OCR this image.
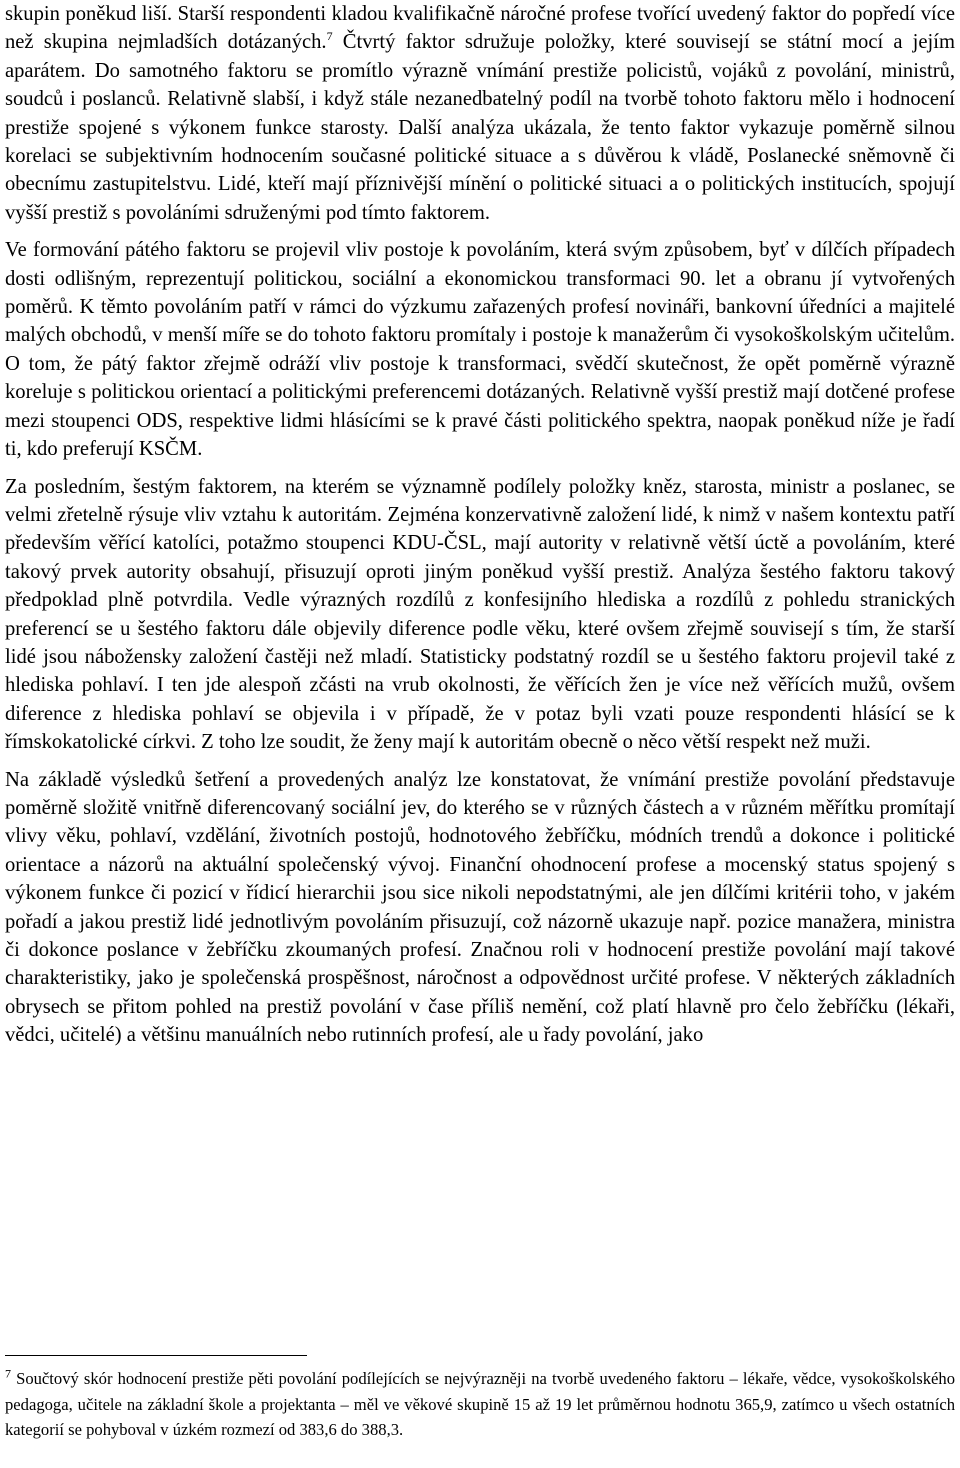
skupin poněkud liší. Starší respondenti kladou kvalifikačně náročné profese tvořící uvedený faktor do popředí více než skupina nejmladších dotázaných.$^7$ Čtvrtý faktor sdružuje položky, které souvisejí se státní mocí a jejím aparátem. Do samotného faktoru se promítlo výrazně vnímání prestiže policistů, vojáků z povolání, ministrů, soudců i poslanců. Relativně slabší, i když stále nezanedbatelný podíl na tvorbě tohoto faktoru mělo i hodnocení prestiže spojené s výkonem funkce starosty. Další analýza ukázala, že tento faktor vykazuje poměrně silnou korelaci se subjektivním hodnocením současné politické situace a s důvěrou k vládě, Poslanecké sněmovně či obecnímu zastupitelstvu. Lidé, kteří mají příznivější mínění o politické situaci a o politických institucích, spojují vyšší prestiž s povoláními sdruženými pod tímto faktorem.

Ve formování pátého faktoru se projevil vliv postoje k povoláním, která svým způsobem, byť v dílčích případech dosti odlišným, reprezentují politickou, sociální a ekonomickou transformaci 90. let a obranu jí vytvořených poměrů. K těmto povoláním patří v rámci do výzkumu zařazených profesí novináři, bankovní úředníci a majitelé malých obchodů, v menší míře se do tohoto faktoru promítaly i postoje k manažerům či vysokoškolským učitelům. O tom, že pátý faktor zřejmě odráží vliv postoje k transformaci, svědčí skutečnost, že opět poměrně výrazně koreluje s politickou orientací a politickými preferencemi dotázaných. Relativně vyšší prestiž mají dotčené profese mezi stoupenci ODS, respektive lidmi hlásícími se k pravé části politického spektra, naopak poněkud níže je řadí ti, kdo preferují KSČM.

Za posledním, šestým faktorem, na kterém se významně podílely položky kněz, starosta, ministr a poslanec, se velmi zřetelně rýsuje vliv vztahu k autoritám. Zejména konzervativně založení lidé, k nimž v našem kontextu patří především věřící katolíci, potažmo stoupenci KDU-ČSL, mají autority v relativně větší úctě a povoláním, které takový prvek autority obsahují, přisuzují oproti jiným poněkud vyšší prestiž. Analýza šestého faktoru takový předpoklad plně potvrdila. Vedle výrazných rozdílů z konfesijního hlediska a rozdílů z pohledu stranických preferencí se u šestého faktoru dále objevily diference podle věku, které ovšem zřejmě souvisejí s tím, že starší lidé jsou nábožensky založení častěji než mladí. Statisticky podstatný rozdíl se u šestého faktoru projevil také z hlediska pohlaví. I ten jde alespoň zčásti na vrub okolnosti, že věřících žen je více než věřících mužů, ovšem diference z hlediska pohlaví se objevila i v případě, že v potaz byli vzati pouze respondenti hlásící se k římskokatolické církvi. Z toho lze soudit, že ženy mají k autoritám obecně o něco větší respekt než muži.

Na základě výsledků šetření a provedených analýz lze konstatovat, že vnímání prestiže povolání představuje poměrně složitě vnitřně diferencovaný sociální jev, do kterého se v různých částech a v různém měřítku promítají vlivy věku, pohlaví, vzdělání, životních postojů, hodnotového žebříčku, módních trendů a dokonce i politické orientace a názorů na aktuální společenský vývoj. Finanční ohodnocení profese a mocenský status spojený s výkonem funkce či pozicí v řídicí hierarchii jsou sice nikoli nepodstatnými, ale jen dílčími kritérii toho, v jakém pořadí a jakou prestiž lidé jednotlivým povoláním přisuzují, což názorně ukazuje např. pozice manažera, ministra či dokonce poslance v žebříčku zkoumaných profesí. Značnou roli v hodnocení prestiže povolání mají takové charakteristiky, jako je společenská prospěšnost, náročnost a odpovědnost určité profese. V některých základních obrysech se přitom pohled na prestiž povolání v čase příliš nemění, což platí hlavně pro čelo žebříčku (lékaři, vědci, učitelé) a většinu manuálních nebo rutinních profesí, ale u řady povolání, jako

$^7$ Součtový skór hodnocení prestiže pěti povolání podílejících se nejvýrazněji na tvorbě uvedeného faktoru – lékaře, vědce, vysokoškolského pedagoga, učitele na základní škole a projektanta – měl ve věkové skupině 15 až 19 let průměrnou hodnotu 365,9, zatímco u všech ostatních kategorií se pohyboval v úzkém rozmezí od 383,6 do 388,3.
